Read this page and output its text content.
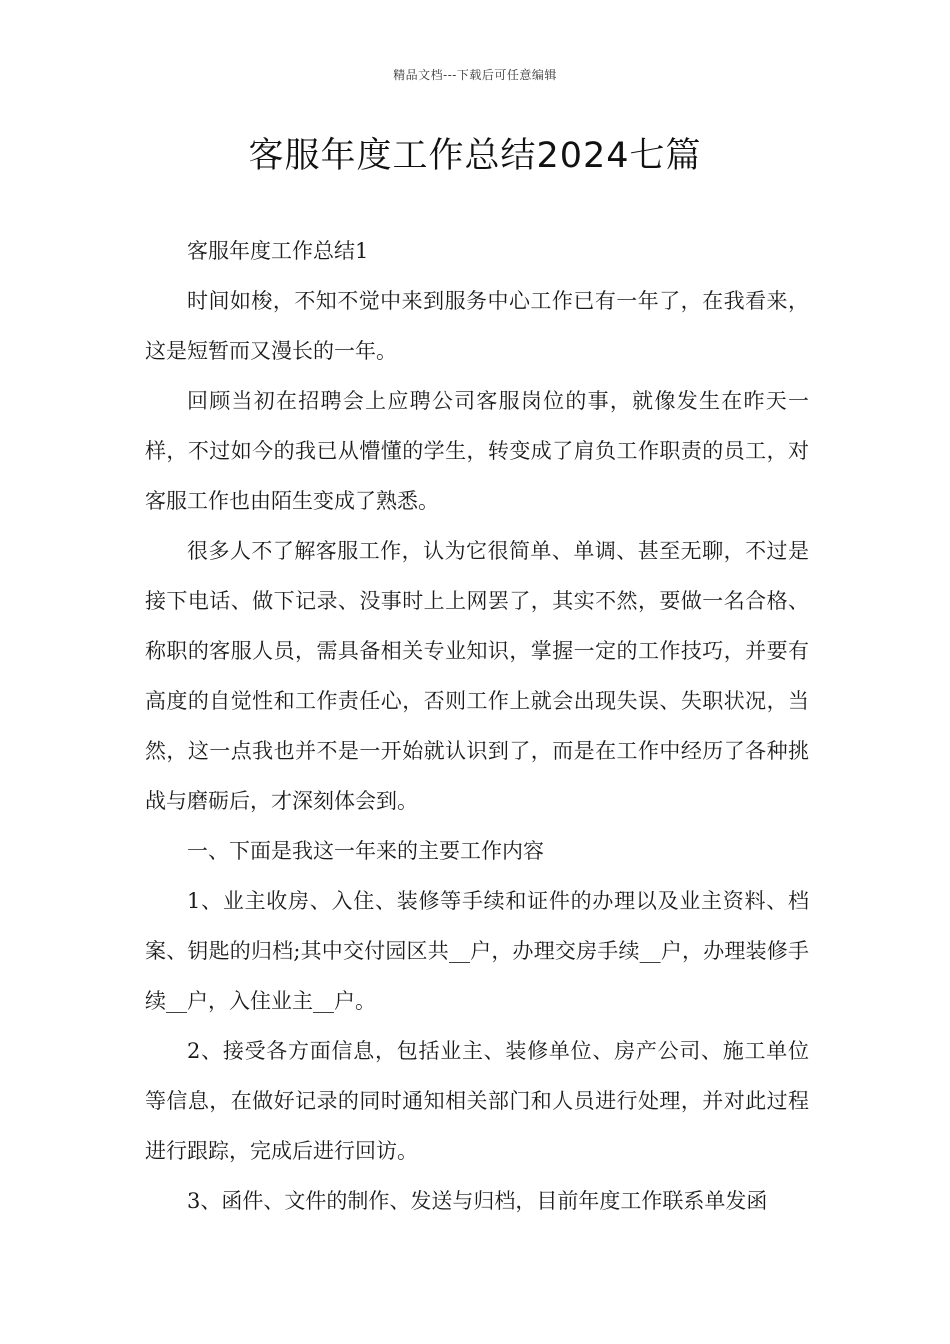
精品文档---下载后可任意编辑
客服年度工作总结2024七篇

客服年度工作总结1

时间如梭，不知不觉中来到服务中心工作已有一年了，在我看来，这是短暂而又漫长的一年。

回顾当初在招聘会上应聘公司客服岗位的事，就像发生在昨天一样，不过如今的我已从懵懂的学生，转变成了肩负工作职责的员工，对客服工作也由陌生变成了熟悉。

很多人不了解客服工作，认为它很简单、单调、甚至无聊，不过是接下电话、做下记录、没事时上上网罢了，其实不然，要做一名合格、称职的客服人员，需具备相关专业知识，掌握一定的工作技巧，并要有高度的自觉性和工作责任心，否则工作上就会出现失误、失职状况，当然，这一点我也并不是一开始就认识到了，而是在工作中经历了各种挑战与磨砺后，才深刻体会到。

一、下面是我这一年来的主要工作内容

1、业主收房、入住、装修等手续和证件的办理以及业主资料、档案、钥匙的归档;其中交付园区共__户，办理交房手续__户，办理装修手续__户，入住业主__户。

2、接受各方面信息，包括业主、装修单位、房产公司、施工单位等信息，在做好记录的同时通知相关部门和人员进行处理，并对此过程进行跟踪，完成后进行回访。

3、函件、文件的制作、发送与归档，目前年度工作联系单发函
